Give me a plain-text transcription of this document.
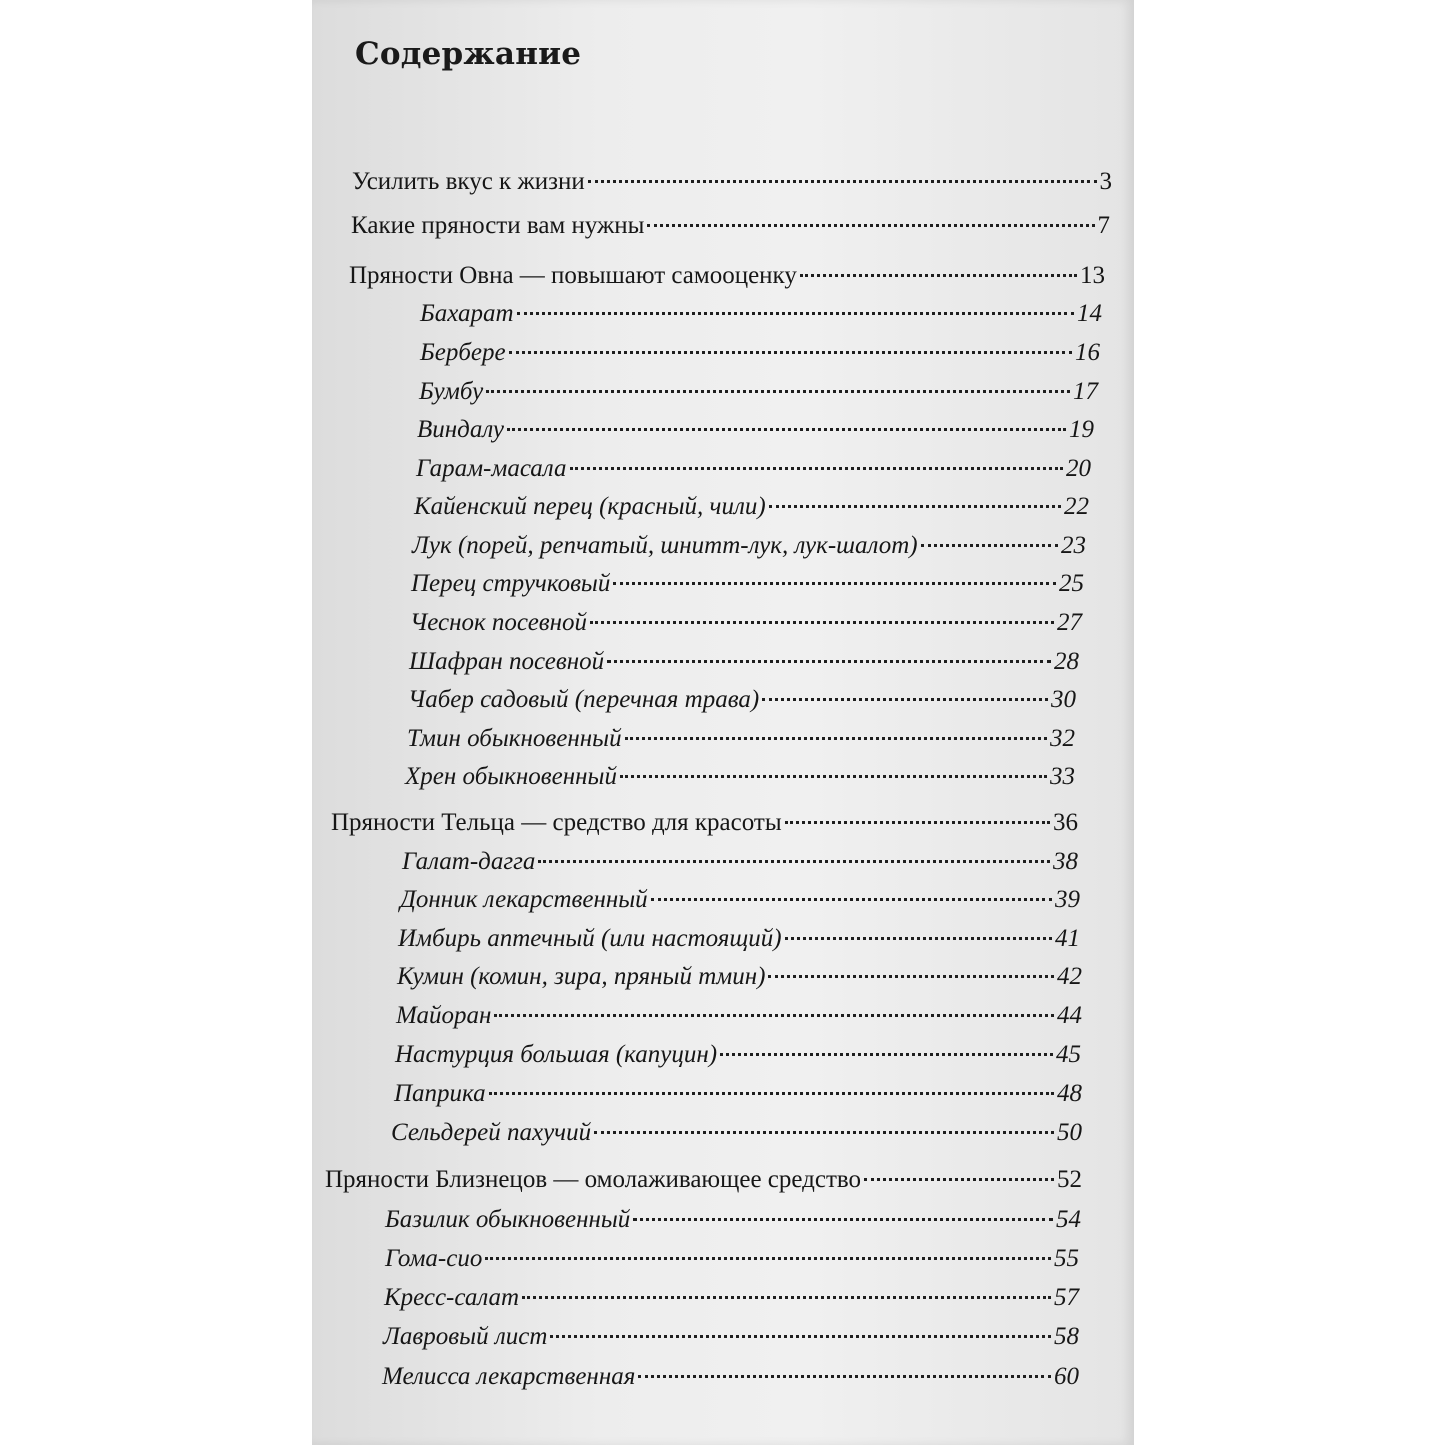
Содержание
Усилить вкус к жизни	3
Какие пряности вам нужны	7
Пряности Овна — повышают самооценку	13
Бахарат	14
Бербере	16
Бумбу	17
Виндалу	19
Гарам-масала	20
Кайенский перец (красный, чили)	22
Лук (порей, репчатый, шнитт-лук, лук-шалот)	23
Перец стручковый	25
Чеснок посевной	27
Шафран посевной	28
Чабер садовый (перечная трава)	30
Тмин обыкновенный	32
Хрен обыкновенный	33
Пряности Тельца — средство для красоты	36
Галат-дагга	38
Донник лекарственный	39
Имбирь аптечный (или настоящий)	41
Кумин (комин, зира, пряный тмин)	42
Майоран	44
Настурция большая (капуцин)	45
Паприка	48
Сельдерей пахучий	50
Пряности Близнецов — омолаживающее средство	52
Базилик обыкновенный	54
Гома-сио	55
Кресс-салат	57
Лавровый лист	58
Мелисса лекарственная	60
